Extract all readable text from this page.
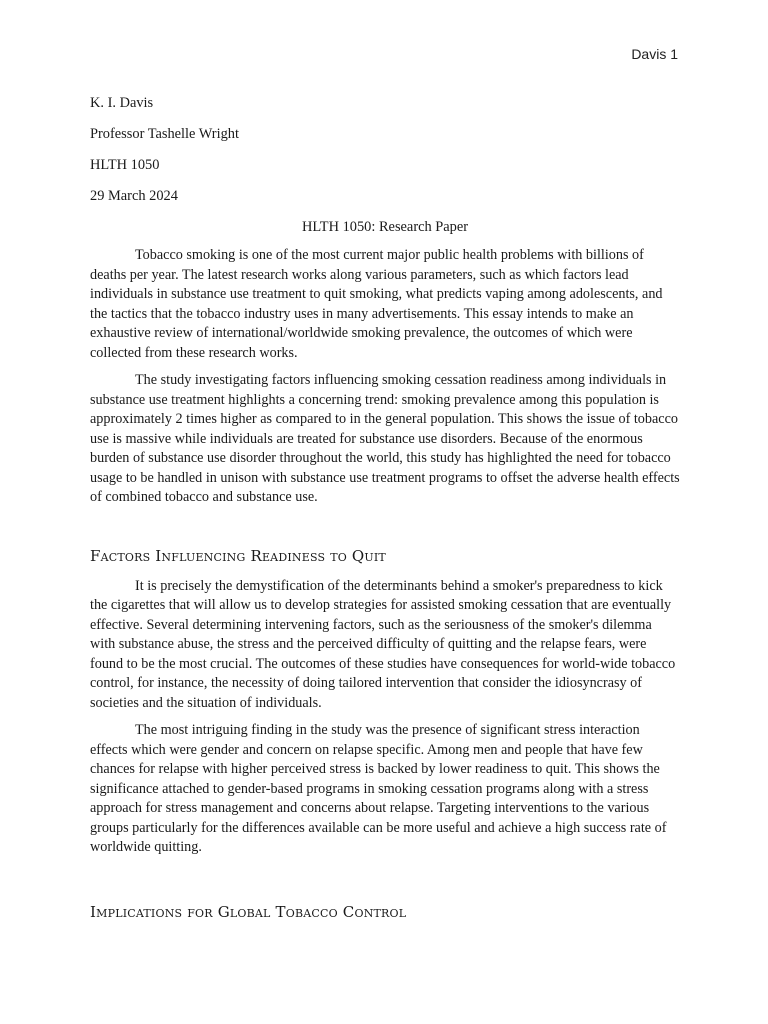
Davis 1

K. I. Davis

Professor Tashelle Wright

HLTH 1050

29 March 2024

HLTH 1050: Research Paper

Tobacco smoking is one of the most current major public health problems with billions of deaths per year. The latest research works along various parameters, such as which factors lead individuals in substance use treatment to quit smoking, what predicts vaping among adolescents, and the tactics that the tobacco industry uses in many advertisements. This essay intends to make an exhaustive review of international/worldwide smoking prevalence, the outcomes of which were collected from these research works.

The study investigating factors influencing smoking cessation readiness among individuals in substance use treatment highlights a concerning trend: smoking prevalence among this population is approximately 2 times higher as compared to in the general population. This shows the issue of tobacco use is massive while individuals are treated for substance use disorders. Because of the enormous burden of substance use disorder throughout the world, this study has highlighted the need for tobacco usage to be handled in unison with substance use treatment programs to offset the adverse health effects of combined tobacco and substance use.

Factors Influencing Readiness to Quit

It is precisely the demystification of the determinants behind a smoker's preparedness to kick the cigarettes that will allow us to develop strategies for assisted smoking cessation that are eventually effective. Several determining intervening factors, such as the seriousness of the smoker's dilemma with substance abuse, the stress and the perceived difficulty of quitting and the relapse fears, were found to be the most crucial. The outcomes of these studies have consequences for world-wide tobacco control, for instance, the necessity of doing tailored intervention that consider the idiosyncrasy of societies and the situation of individuals.

The most intriguing finding in the study was the presence of significant stress interaction effects which were gender and concern on relapse specific. Among men and people that have few chances for relapse with higher perceived stress is backed by lower readiness to quit. This shows the significance attached to gender-based programs in smoking cessation programs along with a stress approach for stress management and concerns about relapse. Targeting interventions to the various groups particularly for the differences available can be more useful and achieve a high success rate of worldwide quitting.

Implications for Global Tobacco Control
